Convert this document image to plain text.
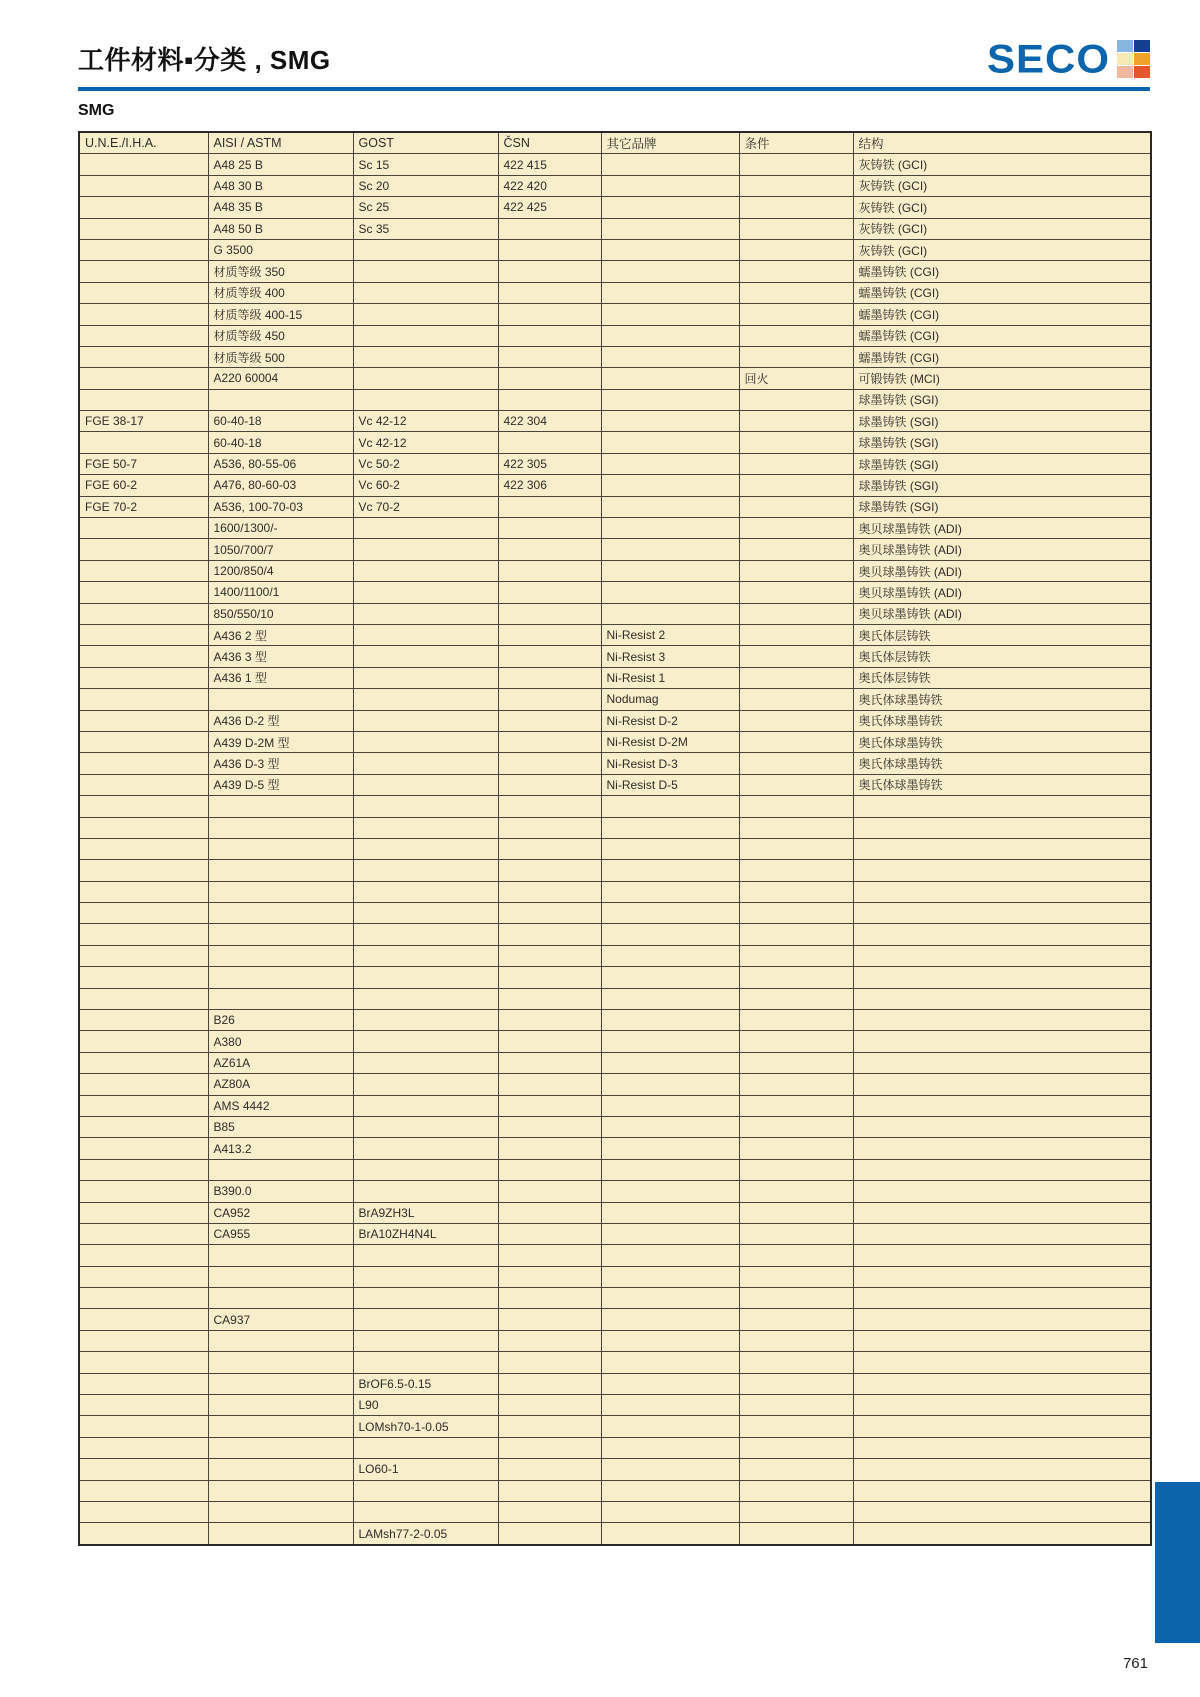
工件材料▪分类 , SMG	SECO
SMG
U.N.E./I.H.A.	AISI / ASTM	GOST	ČSN	其它品牌	条件	结构
	A48 25 B	Sc 15	422 415			灰铸铁 (GCI)
	A48 30 B	Sc 20	422 420			灰铸铁 (GCI)
	A48 35 B	Sc 25	422 425			灰铸铁 (GCI)
	A48 50 B	Sc 35				灰铸铁 (GCI)
	G 3500					灰铸铁 (GCI)
	材质等级 350					蠕墨铸铁 (CGI)
	材质等级 400					蠕墨铸铁 (CGI)
	材质等级 400-15					蠕墨铸铁 (CGI)
	材质等级 450					蠕墨铸铁 (CGI)
	材质等级 500					蠕墨铸铁 (CGI)
	A220 60004				回火	可锻铸铁 (MCI)
						球墨铸铁 (SGI)
FGE 38-17	60-40-18	Vc 42-12	422 304			球墨铸铁 (SGI)
	60-40-18	Vc 42-12				球墨铸铁 (SGI)
FGE 50-7	A536, 80-55-06	Vc 50-2	422 305			球墨铸铁 (SGI)
FGE 60-2	A476, 80-60-03	Vc 60-2	422 306			球墨铸铁 (SGI)
FGE 70-2	A536, 100-70-03	Vc 70-2				球墨铸铁 (SGI)
	1600/1300/-					奥贝球墨铸铁 (ADI)
	1050/700/7					奥贝球墨铸铁 (ADI)
	1200/850/4					奥贝球墨铸铁 (ADI)
	1400/1100/1					奥贝球墨铸铁 (ADI)
	850/550/10					奥贝球墨铸铁 (ADI)
	A436 2 型			Ni-Resist 2		奥氏体层铸铁
	A436 3 型			Ni-Resist 3		奥氏体层铸铁
	A436 1 型			Ni-Resist 1		奥氏体层铸铁
				Nodumag		奥氏体球墨铸铁
	A436 D-2 型			Ni-Resist D-2		奥氏体球墨铸铁
	A439 D-2M 型			Ni-Resist D-2M		奥氏体球墨铸铁
	A436 D-3 型			Ni-Resist D-3		奥氏体球墨铸铁
	A439 D-5 型			Ni-Resist D-5		奥氏体球墨铸铁

	B26					
	A380					
	AZ61A					
	AZ80A					
	AMS 4442					
	B85					
	A413.2					

	B390.0					
	CA952	BrA9ZH3L				
	CA955	BrA10ZH4N4L				

	CA937					

		BrOF6.5-0.15				
		L90				
		LOMsh70-1-0.05				

		LO60-1				

		LAMsh77-2-0.05				
761
